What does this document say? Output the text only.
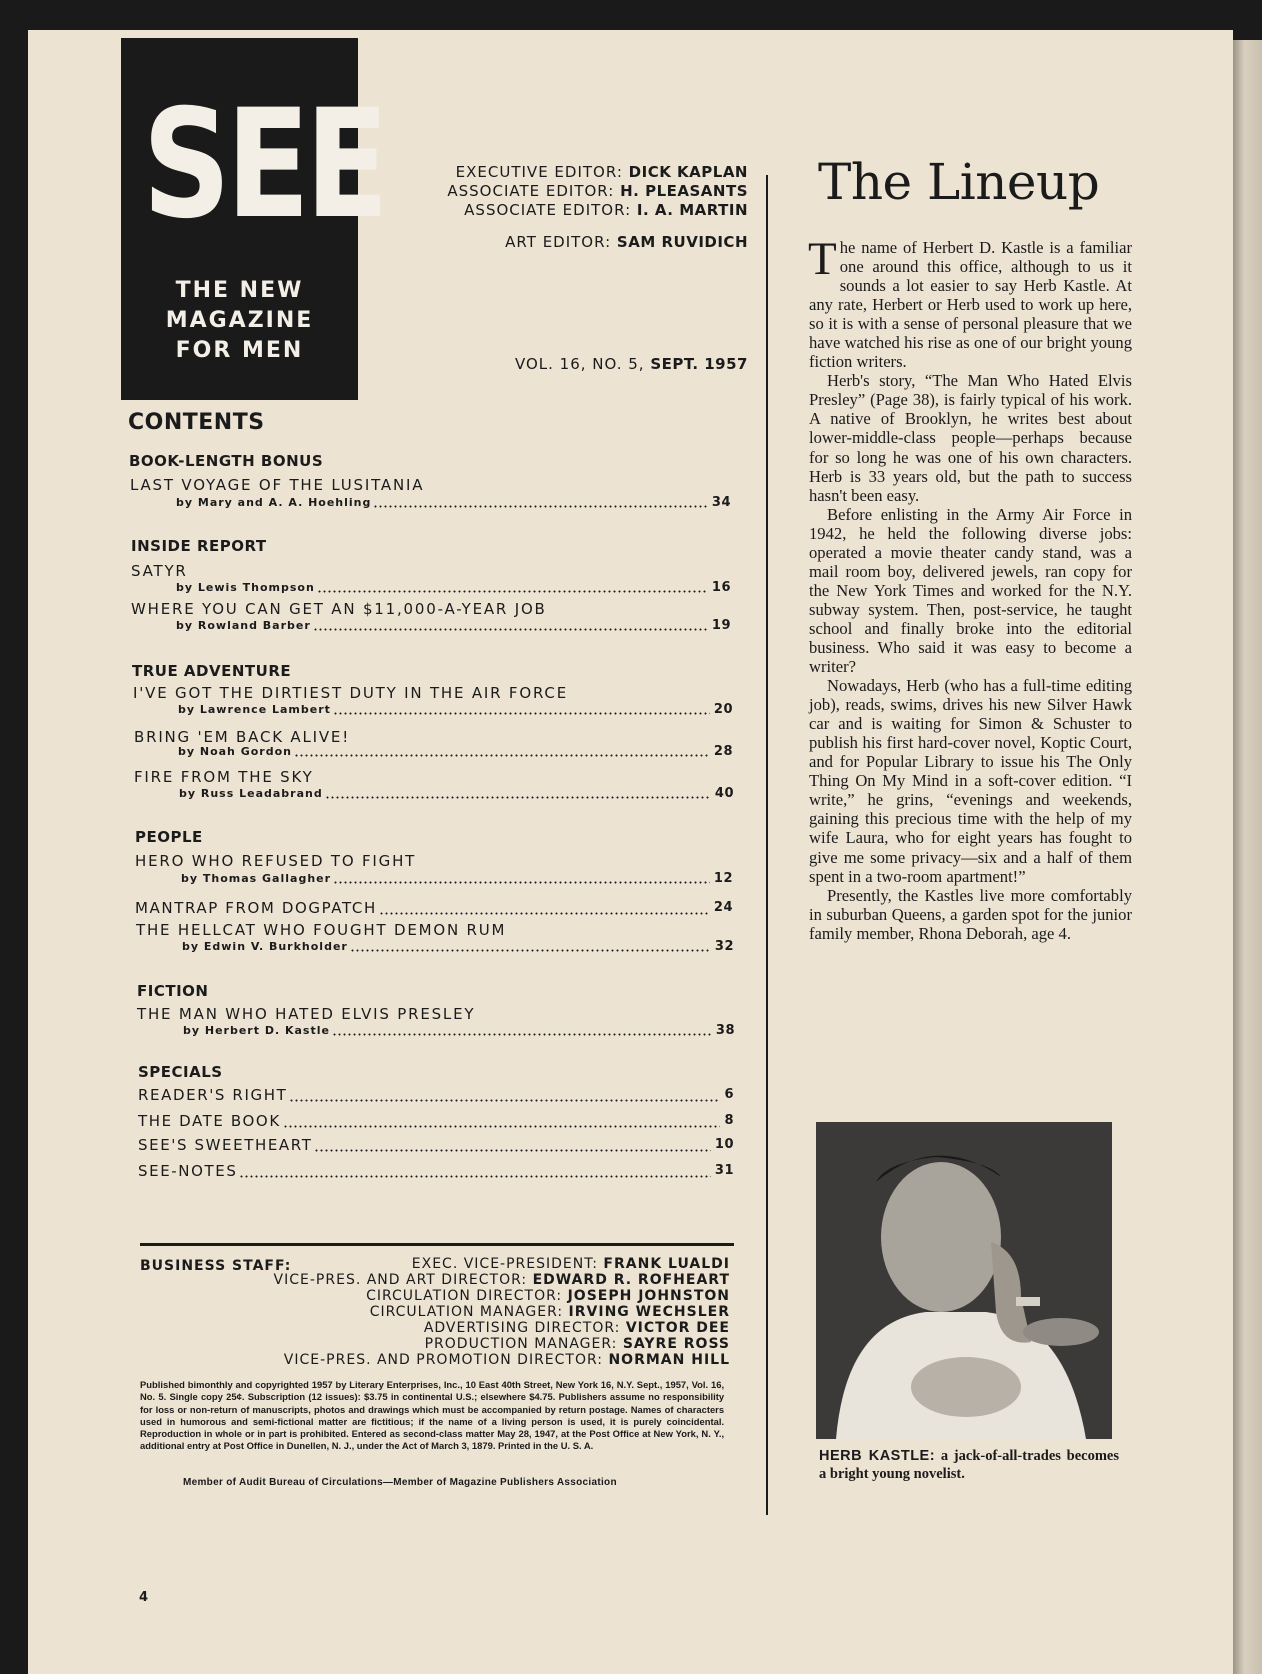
SEE
THE NEW
MAGAZINE
FOR MEN
EXECUTIVE EDITOR: DICK KAPLAN
ASSOCIATE EDITOR: H. PLEASANTS
ASSOCIATE EDITOR: I. A. MARTIN
ART EDITOR: SAM RUVIDICH
VOL. 16, NO. 5, SEPT. 1957
CONTENTS
BOOK-LENGTH BONUS
LAST VOYAGE OF THE LUSITANIA
by Mary and A. A. Hoehling	34
INSIDE REPORT
SATYR
by Lewis Thompson	16
WHERE YOU CAN GET AN $11,000-A-YEAR JOB
by Rowland Barber	19
TRUE ADVENTURE
I'VE GOT THE DIRTIEST DUTY IN THE AIR FORCE
by Lawrence Lambert	20
BRING 'EM BACK ALIVE!
by Noah Gordon	28
FIRE FROM THE SKY
by Russ Leadabrand	40
PEOPLE
HERO WHO REFUSED TO FIGHT
by Thomas Gallagher	12
MANTRAP FROM DOGPATCH	24
THE HELLCAT WHO FOUGHT DEMON RUM
by Edwin V. Burkholder	32
FICTION
THE MAN WHO HATED ELVIS PRESLEY
by Herbert D. Kastle	38
SPECIALS
READER'S RIGHT	6
THE DATE BOOK	8
SEE'S SWEETHEART	10
SEE-NOTES	31
BUSINESS STAFF:	EXEC. VICE-PRESIDENT: FRANK LUALDI
VICE-PRES. AND ART DIRECTOR: EDWARD R. ROFHEART
CIRCULATION DIRECTOR: JOSEPH JOHNSTON
CIRCULATION MANAGER: IRVING WECHSLER
ADVERTISING DIRECTOR: VICTOR DEE
PRODUCTION MANAGER: SAYRE ROSS
VICE-PRES. AND PROMOTION DIRECTOR: NORMAN HILL
Published bimonthly and copyrighted 1957 by Literary Enterprises, Inc., 10 East 40th Street, New York 16, N.Y. Sept., 1957, Vol. 16, No. 5. Single copy 25¢. Subscription (12 issues): $3.75 in continental U.S.; elsewhere $4.75. Publishers assume no responsibility for loss or non-return of manuscripts, photos and drawings which must be accompanied by return postage. Names of characters used in humorous and semi-fictional matter are fictitious; if the name of a living person is used, it is purely coincidental. Reproduction in whole or in part is prohibited. Entered as second-class matter May 28, 1947, at the Post Office at New York, N. Y., additional entry at Post Office in Dunellen, N. J., under the Act of March 3, 1879. Printed in the U. S. A.
Member of Audit Bureau of Circulations—Member of Magazine Publishers Association
4
The Lineup

The name of Herbert D. Kastle is a familiar one around this office, although to us it sounds a lot easier to say Herb Kastle. At any rate, Herbert or Herb used to work up here, so it is with a sense of personal pleasure that we have watched his rise as one of our bright young fiction writers.

Herb's story, “The Man Who Hated Elvis Presley” (Page 38), is fairly typical of his work. A native of Brooklyn, he writes best about lower-middle-class people—perhaps because for so long he was one of his own characters. Herb is 33 years old, but the path to success hasn't been easy.

Before enlisting in the Army Air Force in 1942, he held the following diverse jobs: operated a movie theater candy stand, was a mail room boy, delivered jewels, ran copy for the New York Times and worked for the N.Y. subway system. Then, post-service, he taught school and finally broke into the editorial business. Who said it was easy to become a writer?

Nowadays, Herb (who has a full-time editing job), reads, swims, drives his new Silver Hawk car and is waiting for Simon & Schuster to publish his first hard-cover novel, Koptic Court, and for Popular Library to issue his The Only Thing On My Mind in a soft-cover edition. “I write,” he grins, “evenings and weekends, gaining this precious time with the help of my wife Laura, who for eight years has fought to give me some privacy—six and a half of them spent in a two-room apartment!”

Presently, the Kastles live more comfortably in suburban Queens, a garden spot for the junior family member, Rhona Deborah, age 4.

HERB KASTLE: a jack-of-all-trades becomes a bright young novelist.
